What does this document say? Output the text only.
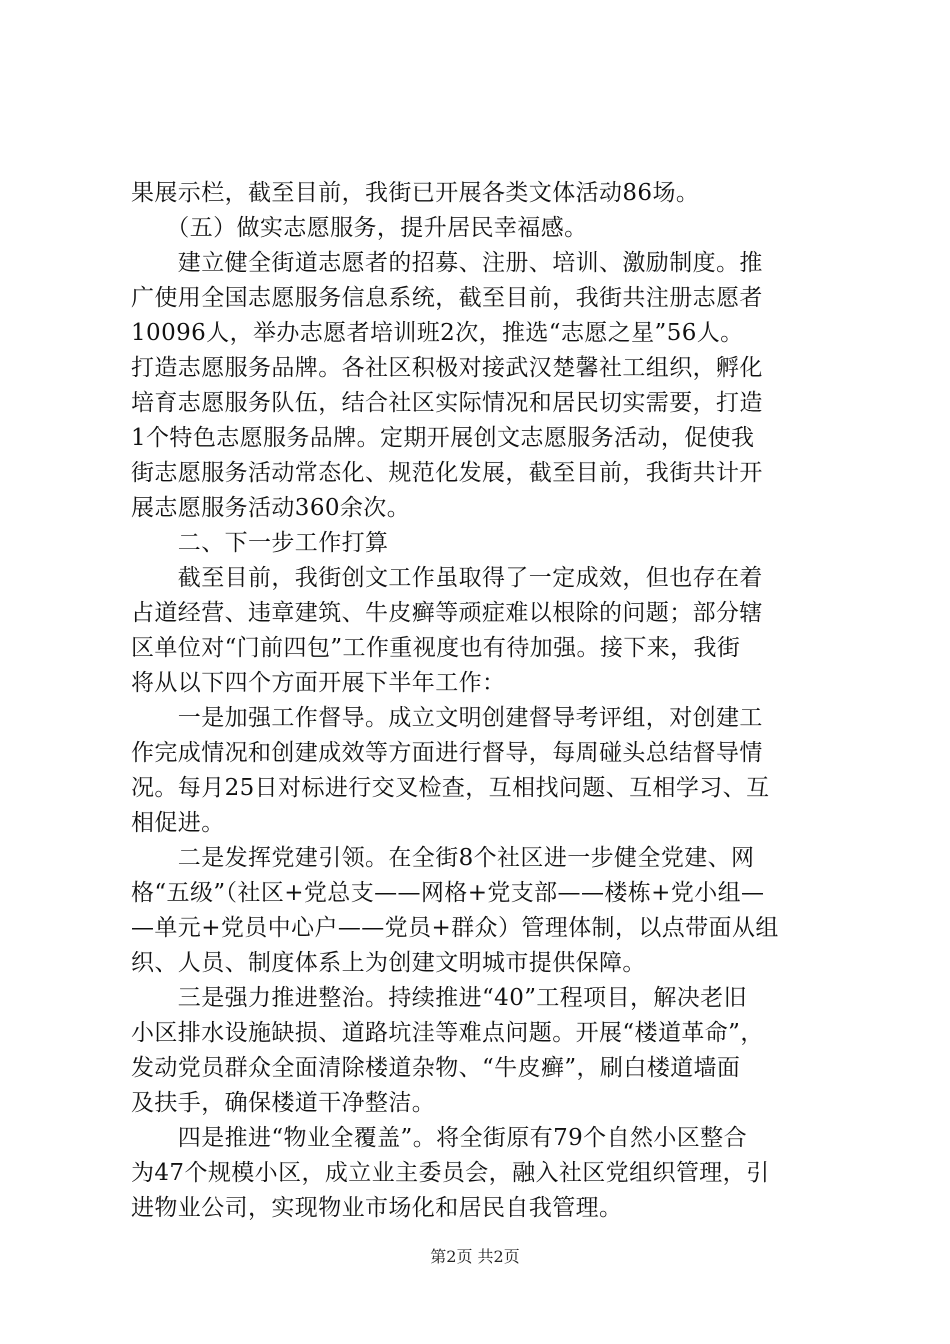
果展示栏，截至目前，我街已开展各类文体活动86场。
　　（五）做实志愿服务，提升居民幸福感。
　　建立健全街道志愿者的招募、注册、培训、激励制度。推
广使用全国志愿服务信息系统，截至目前，我街共注册志愿者
10096人，举办志愿者培训班2次，推选“志愿之星”56人。
打造志愿服务品牌。各社区积极对接武汉楚馨社工组织，孵化
培育志愿服务队伍，结合社区实际情况和居民切实需要，打造
1个特色志愿服务品牌。定期开展创文志愿服务活动，促使我
街志愿服务活动常态化、规范化发展，截至目前，我街共计开
展志愿服务活动360余次。
　　二、下一步工作打算
　　截至目前，我街创文工作虽取得了一定成效，但也存在着
占道经营、违章建筑、牛皮癣等顽症难以根除的问题；部分辖
区单位对“门前四包”工作重视度也有待加强。接下来，我街
将从以下四个方面开展下半年工作：
　　一是加强工作督导。成立文明创建督导考评组，对创建工
作完成情况和创建成效等方面进行督导，每周碰头总结督导情
况。每月25日对标进行交叉检查，互相找问题、互相学习、互
相促进。
　　二是发挥党建引领。在全街8个社区进一步健全党建、网
格“五级”（社区+党总支——网格+党支部——楼栋+党小组—
—单元+党员中心户——党员+群众）管理体制，以点带面从组
织、人员、制度体系上为创建文明城市提供保障。
　　三是强力推进整治。持续推进“40”工程项目，解决老旧
小区排水设施缺损、道路坑洼等难点问题。开展“楼道革命”，
发动党员群众全面清除楼道杂物、“牛皮癣”，刷白楼道墙面
及扶手，确保楼道干净整洁。
　　四是推进“物业全覆盖”。将全街原有79个自然小区整合
为47个规模小区，成立业主委员会，融入社区党组织管理，引
进物业公司，实现物业市场化和居民自我管理。
第2页 共2页
